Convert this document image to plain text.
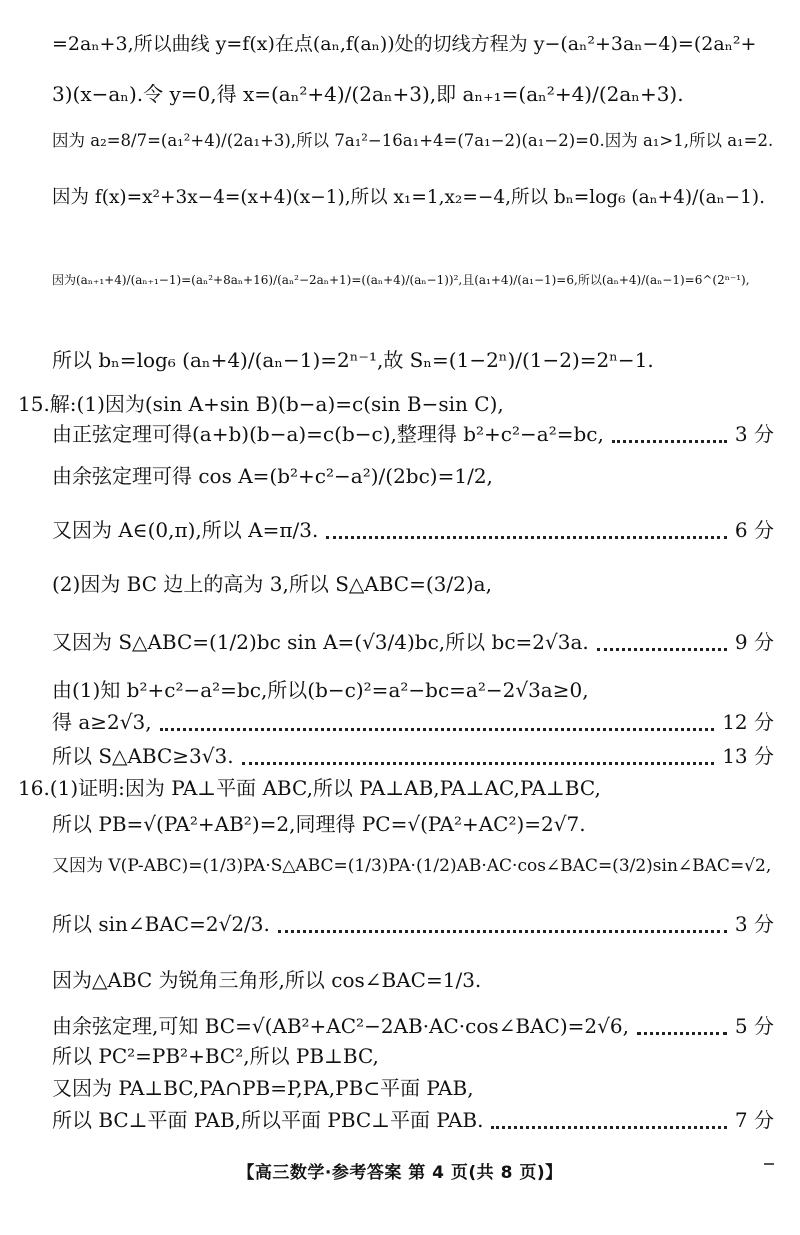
=2aₙ+3,所以曲线 y=f(x)在点(aₙ,f(aₙ))处的切线方程为 y−(aₙ²+3aₙ−4)=(2aₙ²+
3)(x−aₙ).令 y=0,得 x=(aₙ²+4)/(2aₙ+3),即 aₙ₊₁=(aₙ²+4)/(2aₙ+3).
因为 a₂=8/7=(a₁²+4)/(2a₁+3),所以 7a₁²−16a₁+4=(7a₁−2)(a₁−2)=0.因为 a₁>1,所以 a₁=2.
因为 f(x)=x²+3x−4=(x+4)(x−1),所以 x₁=1,x₂=−4,所以 bₙ=log₆ (aₙ+4)/(aₙ−1).
因为(aₙ₊₁+4)/(aₙ₊₁−1)=(aₙ²+8aₙ+16)/(aₙ²−2aₙ+1)=((aₙ+4)/(aₙ−1))²,且(a₁+4)/(a₁−1)=6,所以(aₙ+4)/(aₙ−1)=6^(2ⁿ⁻¹),
所以 bₙ=log₆ (aₙ+4)/(aₙ−1)=2ⁿ⁻¹,故 Sₙ=(1−2ⁿ)/(1−2)=2ⁿ−1.
15.解:(1)因为(sin A+sin B)(b−a)=c(sin B−sin C),
由正弦定理可得(a+b)(b−a)=c(b−c),整理得 b²+c²−a²=bc,	3 分
由余弦定理可得 cos A=(b²+c²−a²)/(2bc)=1/2,
又因为 A∈(0,π),所以 A=π/3.	6 分
(2)因为 BC 边上的高为 3,所以 S△ABC=(3/2)a,
又因为 S△ABC=(1/2)bc sin A=(√3/4)bc,所以 bc=2√3a.	9 分
由(1)知 b²+c²−a²=bc,所以(b−c)²=a²−bc=a²−2√3a≥0,
得 a≥2√3,	12 分
所以 S△ABC≥3√3.	13 分
16.(1)证明:因为 PA⊥平面 ABC,所以 PA⊥AB,PA⊥AC,PA⊥BC,
所以 PB=√(PA²+AB²)=2,同理得 PC=√(PA²+AC²)=2√7.
又因为 V(P-ABC)=(1/3)PA·S△ABC=(1/3)PA·(1/2)AB·AC·cos∠BAC=(3/2)sin∠BAC=√2,
所以 sin∠BAC=2√2/3.	3 分
因为△ABC 为锐角三角形,所以 cos∠BAC=1/3.
由余弦定理,可知 BC=√(AB²+AC²−2AB·AC·cos∠BAC)=2√6,	5 分
所以 PC²=PB²+BC²,所以 PB⊥BC,
又因为 PA⊥BC,PA∩PB=P,PA,PB⊂平面 PAB,
所以 BC⊥平面 PAB,所以平面 PBC⊥平面 PAB.	7 分
【高三数学·参考答案 第 4 页(共 8 页)】
